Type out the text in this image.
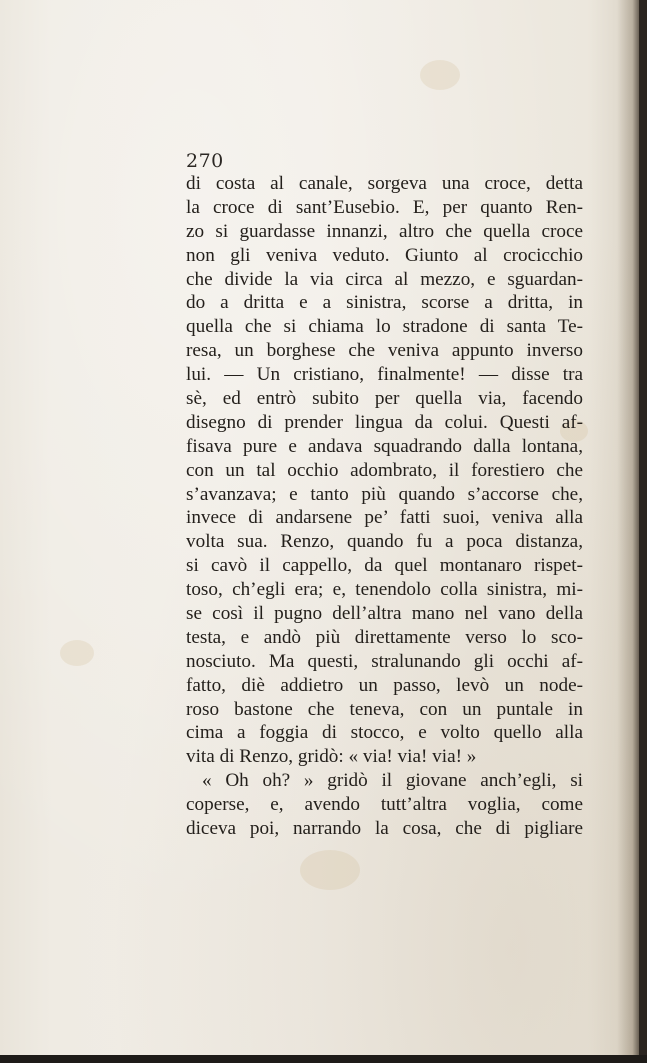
270
di costa al canale, sorgeva una croce, detta
la croce di sant’Eusebio. E, per quanto Ren-
zo si guardasse innanzi, altro che quella croce
non gli veniva veduto. Giunto al crocicchio
che divide la via circa al mezzo, e sguardan-
do a dritta e a sinistra, scorse a dritta, in
quella che si chiama lo stradone di santa Te-
resa, un borghese che veniva appunto inverso
lui. — Un cristiano, finalmente! — disse tra
sè, ed entrò subito per quella via, facendo
disegno di prender lingua da colui. Questi af-
fisava pure e andava squadrando dalla lontana,
con un tal occhio adombrato, il forestiero che
s’avanzava; e tanto più quando s’accorse che,
invece di andarsene pe’ fatti suoi, veniva alla
volta sua. Renzo, quando fu a poca distanza,
si cavò il cappello, da quel montanaro rispet-
toso, ch’egli era; e, tenendolo colla sinistra, mi-
se così il pugno dell’altra mano nel vano della
testa, e andò più direttamente verso lo sco-
nosciuto. Ma questi, stralunando gli occhi af-
fatto, diè addietro un passo, levò un node-
roso bastone che teneva, con un puntale in
cima a foggia di stocco, e volto quello alla
vita di Renzo, gridò: « via! via! via! »
« Oh oh? » gridò il giovane anch’egli, si
coperse, e, avendo tutt’altra voglia, come
diceva poi, narrando la cosa, che di pigliare
